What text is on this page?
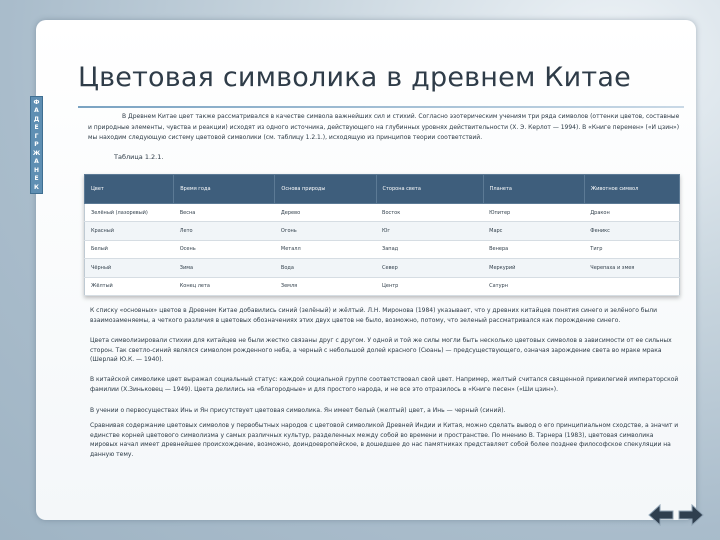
Ф
А
Д
Е
Г
Р
Ж
А
Н
Е
К
Цветовая символика в древнем Китае
В Древнем Китае цвет также рассматривался в качестве символа важнейших сил и стихий. Согласно эзотерическим учениям три ряда символов (оттенки цветов, составные и природные элементы, чувства и реакции) исходят из одного источника, действующего на глубинных уровнях действительности (Х. Э. Керлот — 1994). В «Книге перемен» («И цзин») мы находим следующую систему цветовой символики (см. таблицу 1.2.1.), исходящую из принципов теории соответствий.
Таблица 1.2.1.
Цвет	Время года	Основа природы	Сторона света	Планета	Животное символ
Зелёный (лазоревый)	Весна	Дерево	Восток	Юпитер	Дракон
Красный	Лето	Огонь	Юг	Марс	Феникс
Белый	Осень	Металл	Запад	Венера	Тигр
Чёрный	Зима	Вода	Север	Меркурий	Черепаха и змея
Жёлтый	Конец лета	Земля	Центр	Сатурн	
К списку «основных» цветов в Древнем Китае добавились синий (зелёный) и жёлтый. Л.Н. Миронова (1984) указывает, что у древних китайцев понятия синего и зелёного были взаимозаменяемы, а четкого различия в цветовых обозначениях этих двух цветов не было, возможно, потому, что зеленый рассматривался как порождение синего.
Цвета символизировали стихии для китайцев не были жестко связаны друг с другом. У одной и той же силы могли быть несколько цветовых символов в зависимости от ее сильных сторон. Так светло-синий являлся символом рожденного неба, а черный с небольшой долей красного (Сюань) — предсуществующего, означая зарождение света во мраке мрака (Шерлай Ю.К. — 1940).
В китайской символике цвет выражал социальный статус: каждой социальной группе соответствовал свой цвет. Например, желтый считался священной привилегией императорской фамилии (Х.Зиньковец — 1949). Цвета делились на «благородные» и для простого народа, и не все это отразилось в «Книге песен» («Ши цзин»).
В учении о первосуществах Инь и Ян присутствует цветовая символика. Ян имеет белый (желтый) цвет, а Инь — черный (синий).
Сравнивая содержание цветовых символов у первобытных народов с цветовой символикой Древней Индии и Китая, можно сделать вывод о его принципиальном сходстве, а значит и единстве корней цветового символизма у самых различных культур, разделенных между собой во времени и пространстве. По мнению В. Тэрнера (1983), цветовая символика мировых начал имеет древнейшее происхождение, возможно, доиндоевропейское, в дошедшее до нас памятниках представляет собой более позднее философское спекуляции на данную тему.
